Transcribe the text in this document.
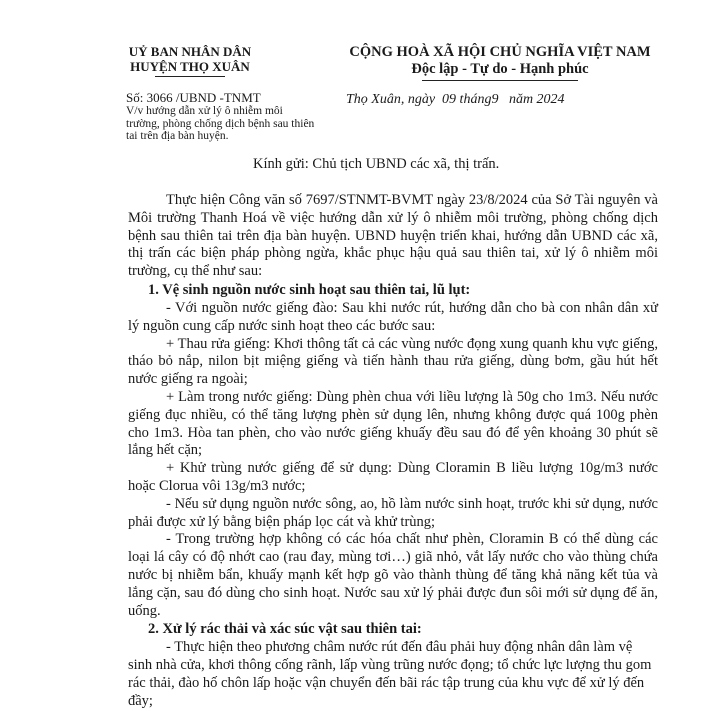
UỶ BAN NHÂN DÂN
HUYỆN THỌ XUÂN
CỘNG HOÀ XÃ HỘI CHỦ NGHĨA VIỆT NAM
Độc lập - Tự do - Hạnh phúc
Số: 3066 /UBND -TNMT
V/v hướng dẫn xử lý ô nhiễm môi trường, phòng chống dịch bệnh sau thiên tai trên địa bàn huyện.
Thọ Xuân, ngày  09 tháng9   năm 2024
Kính gửi: Chủ tịch UBND các xã, thị trấn.

Thực hiện Công văn số 7697/STNMT-BVMT ngày 23/8/2024 của Sở Tài nguyên và Môi trường Thanh Hoá về việc hướng dẫn xử lý ô nhiễm môi trường, phòng chống dịch bệnh sau thiên tai trên địa bàn huyện. UBND huyện triển khai, hướng dẫn UBND các xã, thị trấn các biện pháp phòng ngừa, khắc phục hậu quả sau thiên tai, xử lý ô nhiễm môi trường, cụ thể như sau:

1. Vệ sinh nguồn nước sinh hoạt sau thiên tai, lũ lụt:

- Với nguồn nước giếng đào: Sau khi nước rút, hướng dẫn cho bà con nhân dân xử lý nguồn cung cấp nước sinh hoạt theo các bước sau:

+ Thau rửa giếng: Khơi thông tất cả các vùng nước đọng xung quanh khu vực giếng, tháo bỏ nắp, nilon bịt miệng giếng và tiến hành thau rửa giếng, dùng bơm, gầu hút hết nước giếng ra ngoài;

+ Làm trong nước giếng: Dùng phèn chua với liều lượng là 50g cho 1m3. Nếu nước giếng đục nhiều, có thể tăng lượng phèn sử dụng lên, nhưng không được quá 100g phèn cho 1m3. Hòa tan phèn, cho vào nước giếng khuấy đều sau đó để yên khoảng 30 phút sẽ lắng hết cặn;

+ Khử trùng nước giếng để sử dụng: Dùng Cloramin B liều lượng 10g/m3 nước hoặc Clorua vôi 13g/m3 nước;

- Nếu sử dụng nguồn nước sông, ao, hồ làm nước sinh hoạt, trước khi sử dụng, nước phải được xử lý bằng biện pháp lọc cát và khử trùng;

- Trong trường hợp không có các hóa chất như phèn, Cloramin B có thể dùng các loại lá cây có độ nhớt cao (rau đay, mùng tơi…) giã nhỏ, vắt lấy nước cho vào thùng chứa nước bị nhiễm bẩn, khuấy mạnh kết hợp gõ vào thành thùng để tăng khả năng kết tủa và lắng cặn, sau đó dùng cho sinh hoạt. Nước sau xử lý phải được đun sôi mới sử dụng để ăn, uống.

2. Xử lý rác thải và xác súc vật sau thiên tai:

- Thực hiện theo phương châm nước rút đến đâu phải huy động nhân dân làm vệ sinh nhà cửa, khơi thông cống rãnh, lấp vùng trũng nước đọng; tổ chức lực lượng thu gom rác thải, đào hố chôn lấp hoặc vận chuyển đến bãi rác tập trung của khu vực để xử lý đến đầy;
